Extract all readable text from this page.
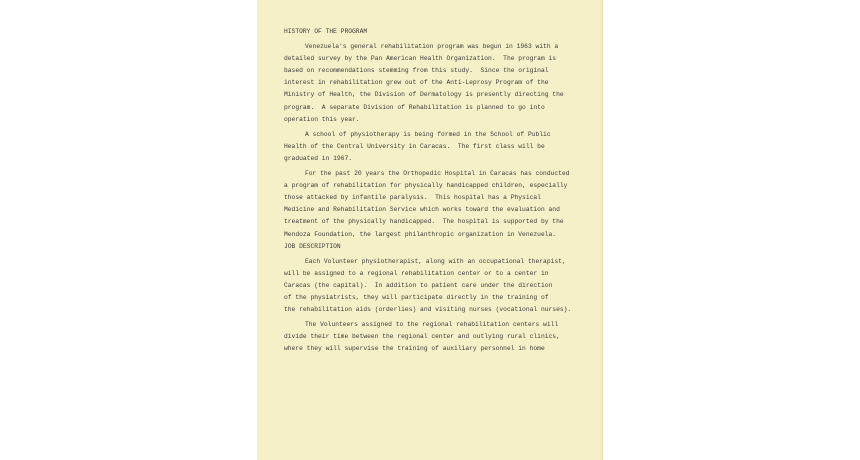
HISTORY OF THE PROGRAM
Venezuela's general rehabilitation program was begun in 1963 with a
detailed survey by the Pan American Health Organization.  The program is
based on recommendations stemming from this study.  Since the original
interest in rehabilitation grew out of the Anti-Leprosy Program of the
Ministry of Health, the Division of Dermatology is presently directing the
program.  A separate Division of Rehabilitation is planned to go into
operation this year.
A school of physiotherapy is being formed in the School of Public
Health of the Central University in Caracas.  The first class will be
graduated in 1967.
For the past 20 years the Orthopedic Hospital in Caracas has conducted
a program of rehabilitation for physically handicapped children, especially
those attacked by infantile paralysis.  This hospital has a Physical
Medicine and Rehabilitation Service which works toward the evaluation and
treatment of the physically handicapped.  The hospital is supported by the
Mendoza Foundation, the largest philanthropic organization in Venezuela.
JOB DESCRIPTION
Each Volunteer physiotherapist, along with an occupational therapist,
will be assigned to a regional rehabilitation center or to a center in
Caracas (the capital).  In addition to patient care under the direction
of the physiatrists, they will participate directly in the training of
the rehabilitation aids (orderlies) and visiting nurses (vocational nurses).
The Volunteers assigned to the regional rehabilitation centers will
divide their time between the regional center and outlying rural clinics,
where they will supervise the training of auxiliary personnel in home
